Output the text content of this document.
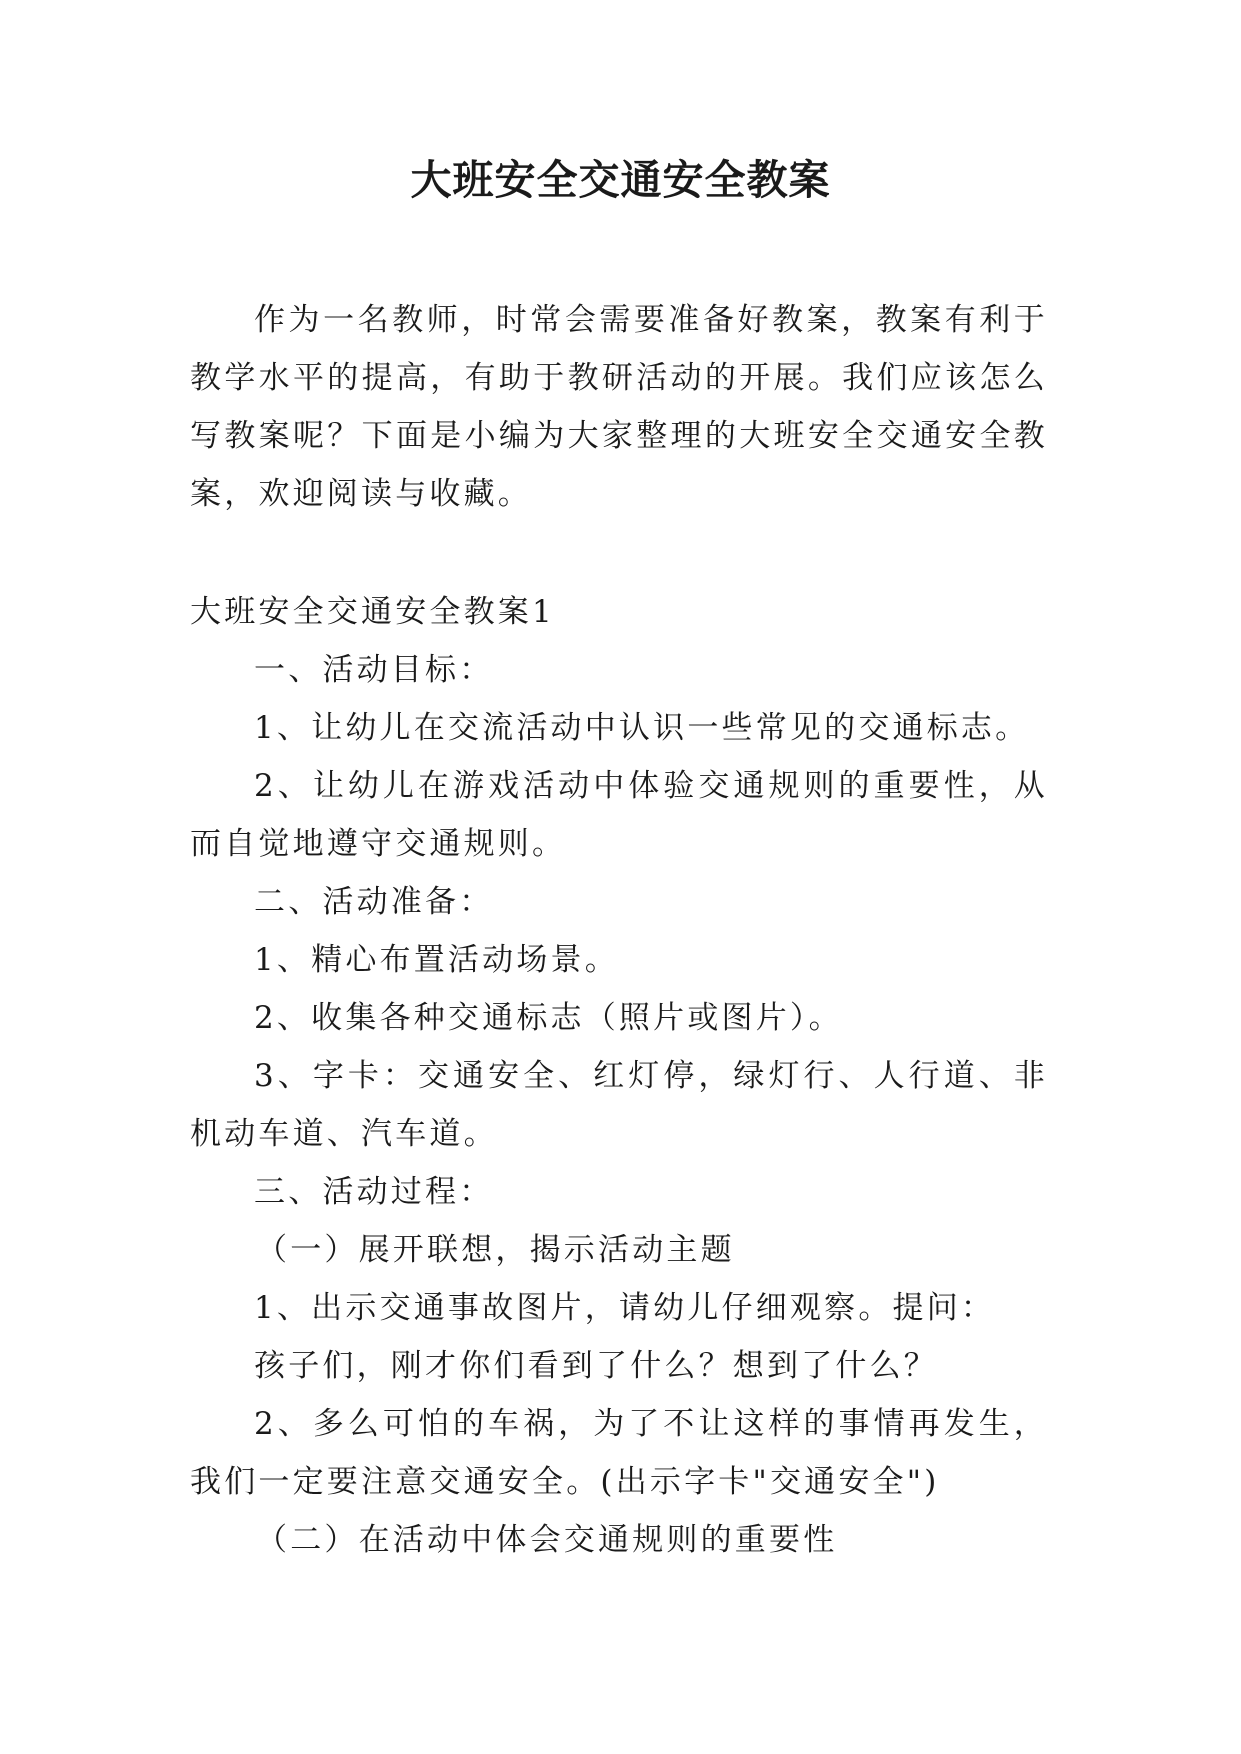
大班安全交通安全教案

作为一名教师，时常会需要准备好教案，教案有利于教学水平的提高，有助于教研活动的开展。我们应该怎么写教案呢？下面是小编为大家整理的大班安全交通安全教案，欢迎阅读与收藏。

大班安全交通安全教案1

一、活动目标：

1、让幼儿在交流活动中认识一些常见的交通标志。

2、让幼儿在游戏活动中体验交通规则的重要性，从而自觉地遵守交通规则。

二、活动准备：

1、精心布置活动场景。

2、收集各种交通标志（照片或图片）。

3、字卡：交通安全、红灯停，绿灯行、人行道、非机动车道、汽车道。

三、活动过程：

（一）展开联想，揭示活动主题

1、出示交通事故图片，请幼儿仔细观察。提问：

孩子们，刚才你们看到了什么？想到了什么？

2、多么可怕的车祸，为了不让这样的事情再发生，我们一定要注意交通安全。(出示字卡"交通安全")

（二）在活动中体会交通规则的重要性
